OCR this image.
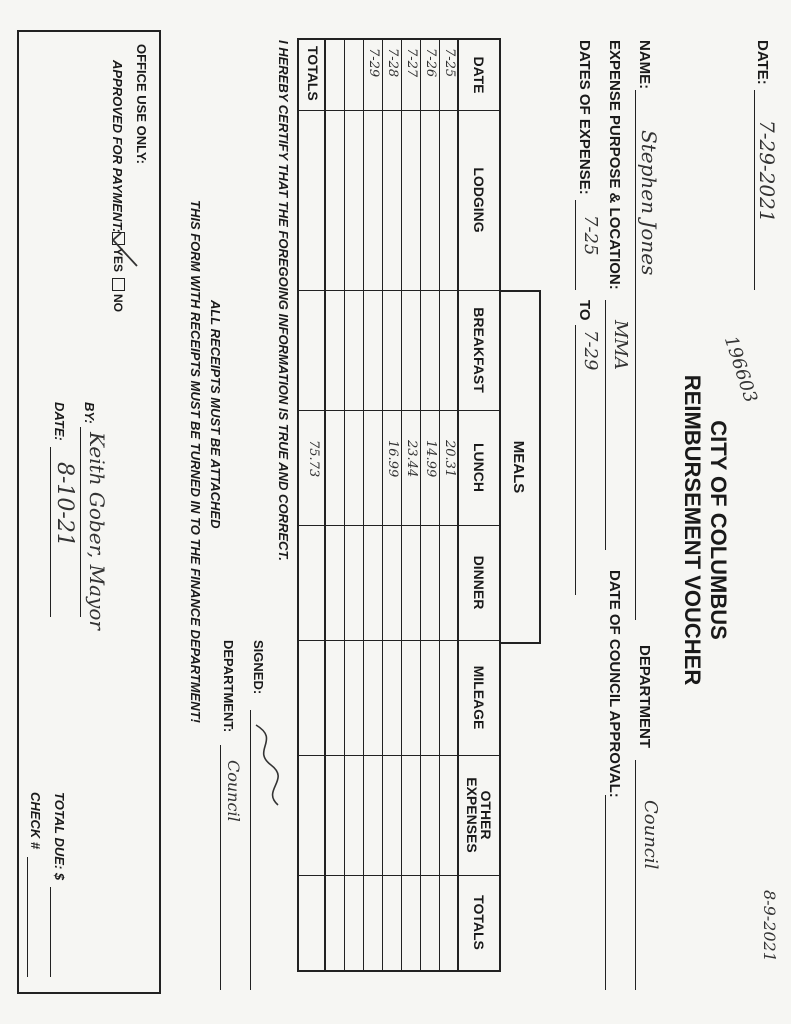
8-9-2021
DATE:
7-29-2021
196603
CITY OF COLUMBUS
REIMBURSEMENT VOUCHER
NAME:
Stephen Jones
DEPARTMENT
Council
EXPENSE PURPOSE & LOCATION:
MMA
DATE OF COUNCIL APPROVAL:
DATES OF EXPENSE:
7-25
TO
7-29
MEALS
DATE
LODGING
BREAKFAST
LUNCH
DINNER
MILEAGE
OTHER EXPENSES
TOTALS
7-25
20.31
7-26
14.99
7-27
23.44
7-28
16.99
7-29
TOTALS
75.73
I HEREBY CERTIFY THAT THE FOREGOING INFORMATION IS TRUE AND CORRECT.
SIGNED:
DEPARTMENT:
Council
ALL RECEIPTS MUST BE ATTACHED
THIS FORM WITH RECEIPTS MUST BE TURNED IN TO THE FINANCE DEPARTMENT!
OFFICE USE ONLY:
APPROVED FOR PAYMENT:
YES
NO
BY:
Keith Gober, Mayor
DATE:
8-10-21
TOTAL DUE: $
CHECK #
